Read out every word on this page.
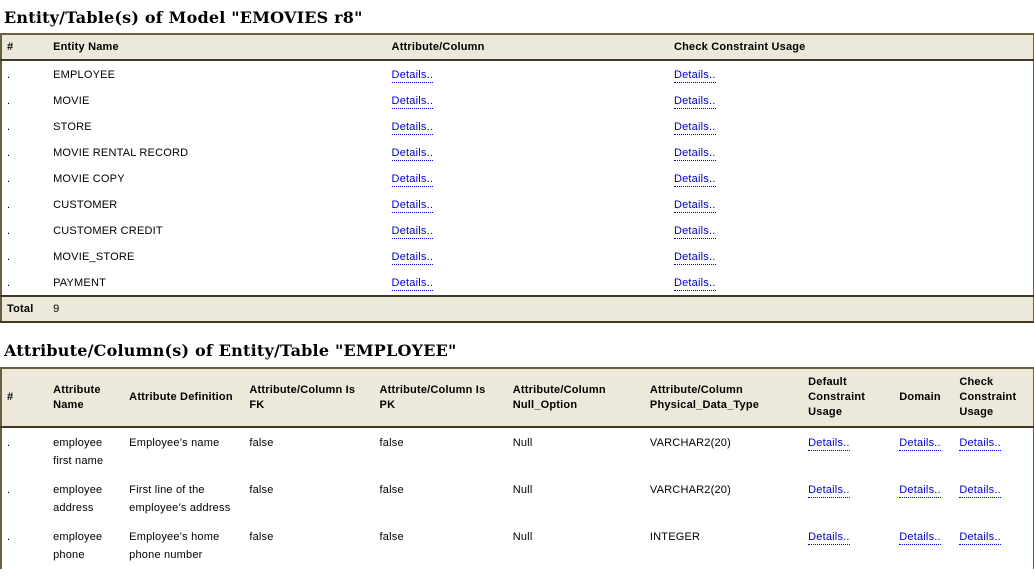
Entity/Table(s) of Model "EMOVIES r8"
#	Entity Name	Attribute/Column	Check Constraint Usage
.	EMPLOYEE	Details..	Details..
.	MOVIE	Details..	Details..
.	STORE	Details..	Details..
.	MOVIE RENTAL RECORD	Details..	Details..
.	MOVIE COPY	Details..	Details..
.	CUSTOMER	Details..	Details..
.	CUSTOMER CREDIT	Details..	Details..
.	MOVIE_STORE	Details..	Details..
.	PAYMENT	Details..	Details..
Total	9		
Attribute/Column(s) of Entity/Table "EMPLOYEE"
#	Attribute Name	Attribute Definition	Attribute/Column Is FK	Attribute/Column Is PK	Attribute/Column Null_Option	Attribute/Column Physical_Data_Type	Default Constraint Usage	Domain	Check Constraint Usage
.	employee first name	Employee’s name	false	false	Null	VARCHAR2(20)	Details..	Details..	Details..
.	employee address	First line of the employee’s address	false	false	Null	VARCHAR2(20)	Details..	Details..	Details..
.	employee phone	Employee’s home phone number	false	false	Null	INTEGER	Details..	Details..	Details..
